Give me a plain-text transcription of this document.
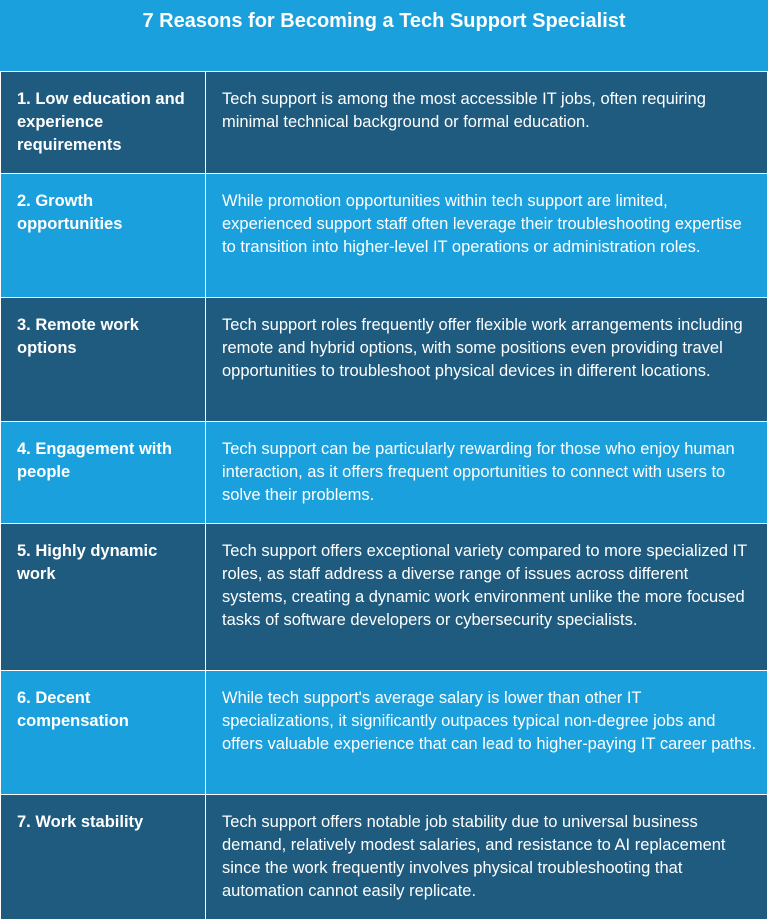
7 Reasons for Becoming a Tech Support Specialist
1. Low education and experience requirements	Tech support is among the most accessible IT jobs, often requiring minimal technical background or formal education.
2. Growth opportunities	While promotion opportunities within tech support are limited, experienced support staff often leverage their troubleshooting expertise to transition into higher-level IT operations or administration roles.
3. Remote work options	Tech support roles frequently offer flexible work arrangements including remote and hybrid options, with some positions even providing travel opportunities to troubleshoot physical devices in different locations.
4. Engagement with people	Tech support can be particularly rewarding for those who enjoy human interaction, as it offers frequent opportunities to connect with users to solve their problems.
5. Highly dynamic work	Tech support offers exceptional variety compared to more specialized IT roles, as staff address a diverse range of issues across different systems, creating a dynamic work environment unlike the more focused tasks of software developers or cybersecurity specialists.
6. Decent compensation	While tech support's average salary is lower than other IT specializations, it significantly outpaces typical non-degree jobs and offers valuable experience that can lead to higher-paying IT career paths.
7. Work stability	Tech support offers notable job stability due to universal business demand, relatively modest salaries, and resistance to AI replacement since the work frequently involves physical troubleshooting that automation cannot easily replicate.
